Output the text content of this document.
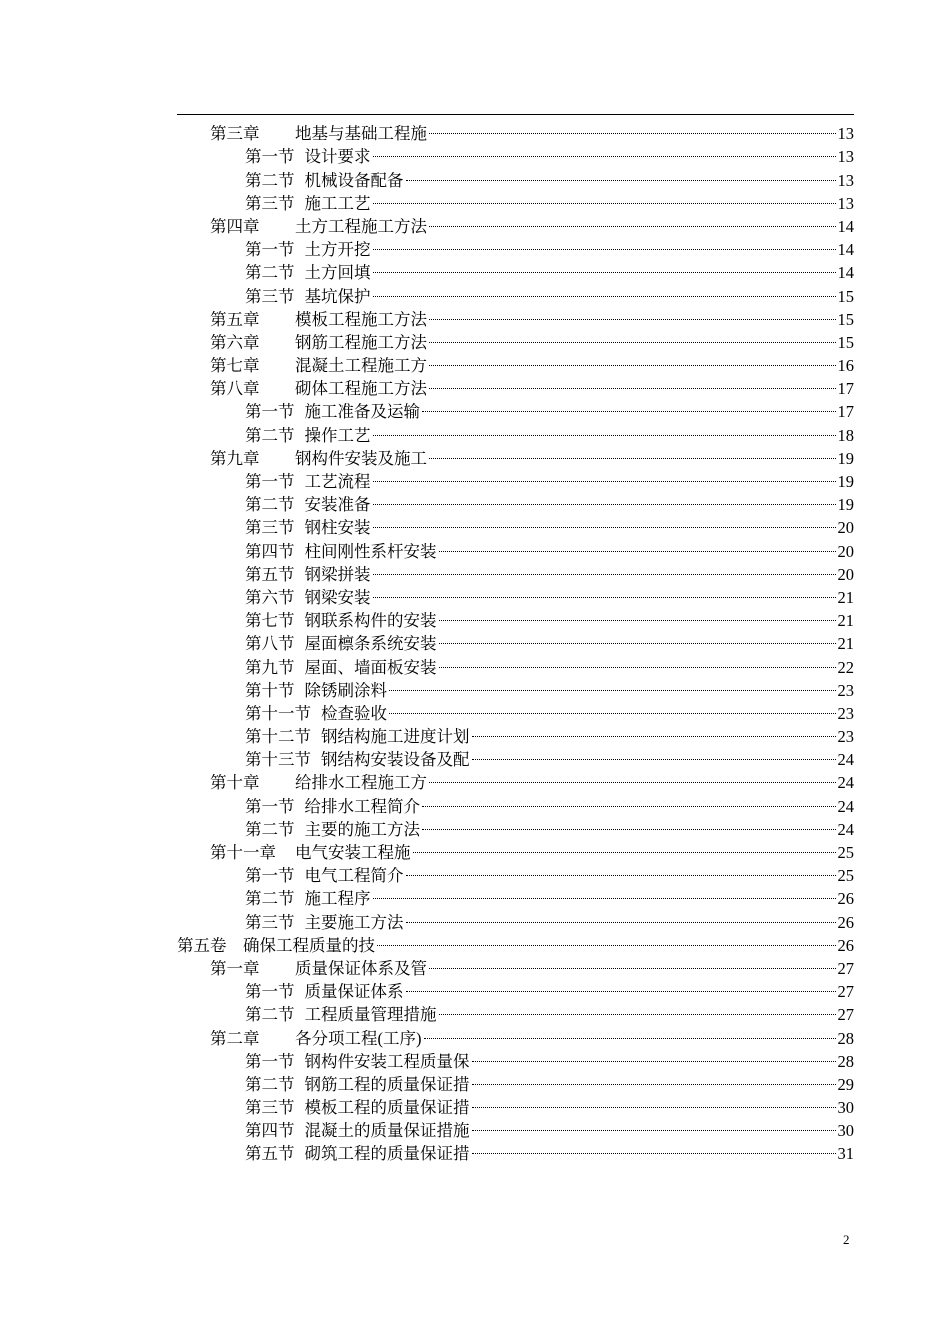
第三章	地基与基础工程施	13
第一节 设计要求	13
第二节 机械设备配备	13
第三节 施工工艺	13
第四章	土方工程施工方法	14
第一节 土方开挖	14
第二节 土方回填	14
第三节 基坑保护	15
第五章	模板工程施工方法	15
第六章	钢筋工程施工方法	15
第七章	混凝土工程施工方	16
第八章	砌体工程施工方法	17
第一节 施工准备及运输	17
第二节 操作工艺	18
第九章	钢构件安装及施工	19
第一节 工艺流程	19
第二节 安装准备	19
第三节 钢柱安装	20
第四节 柱间刚性系杆安装	20
第五节 钢梁拼装	20
第六节 钢梁安装	21
第七节 钢联系构件的安装	21
第八节 屋面檩条系统安装	21
第九节 屋面、墙面板安装	22
第十节 除锈刷涂料	23
第十一节 检查验收	23
第十二节 钢结构施工进度计划	23
第十三节 钢结构安装设备及配	24
第十章	给排水工程施工方	24
第一节 给排水工程简介	24
第二节 主要的施工方法	24
第十一章	电气安装工程施	25
第一节 电气工程简介	25
第二节 施工程序	26
第三节 主要施工方法	26
第五卷	确保工程质量的技	26
第一章	质量保证体系及管	27
第一节 质量保证体系	27
第二节 工程质量管理措施	27
第二章	各分项工程(工序)	28
第一节 钢构件安装工程质量保	28
第二节 钢筋工程的质量保证措	29
第三节 模板工程的质量保证措	30
第四节 混凝土的质量保证措施	30
第五节 砌筑工程的质量保证措	31
2
